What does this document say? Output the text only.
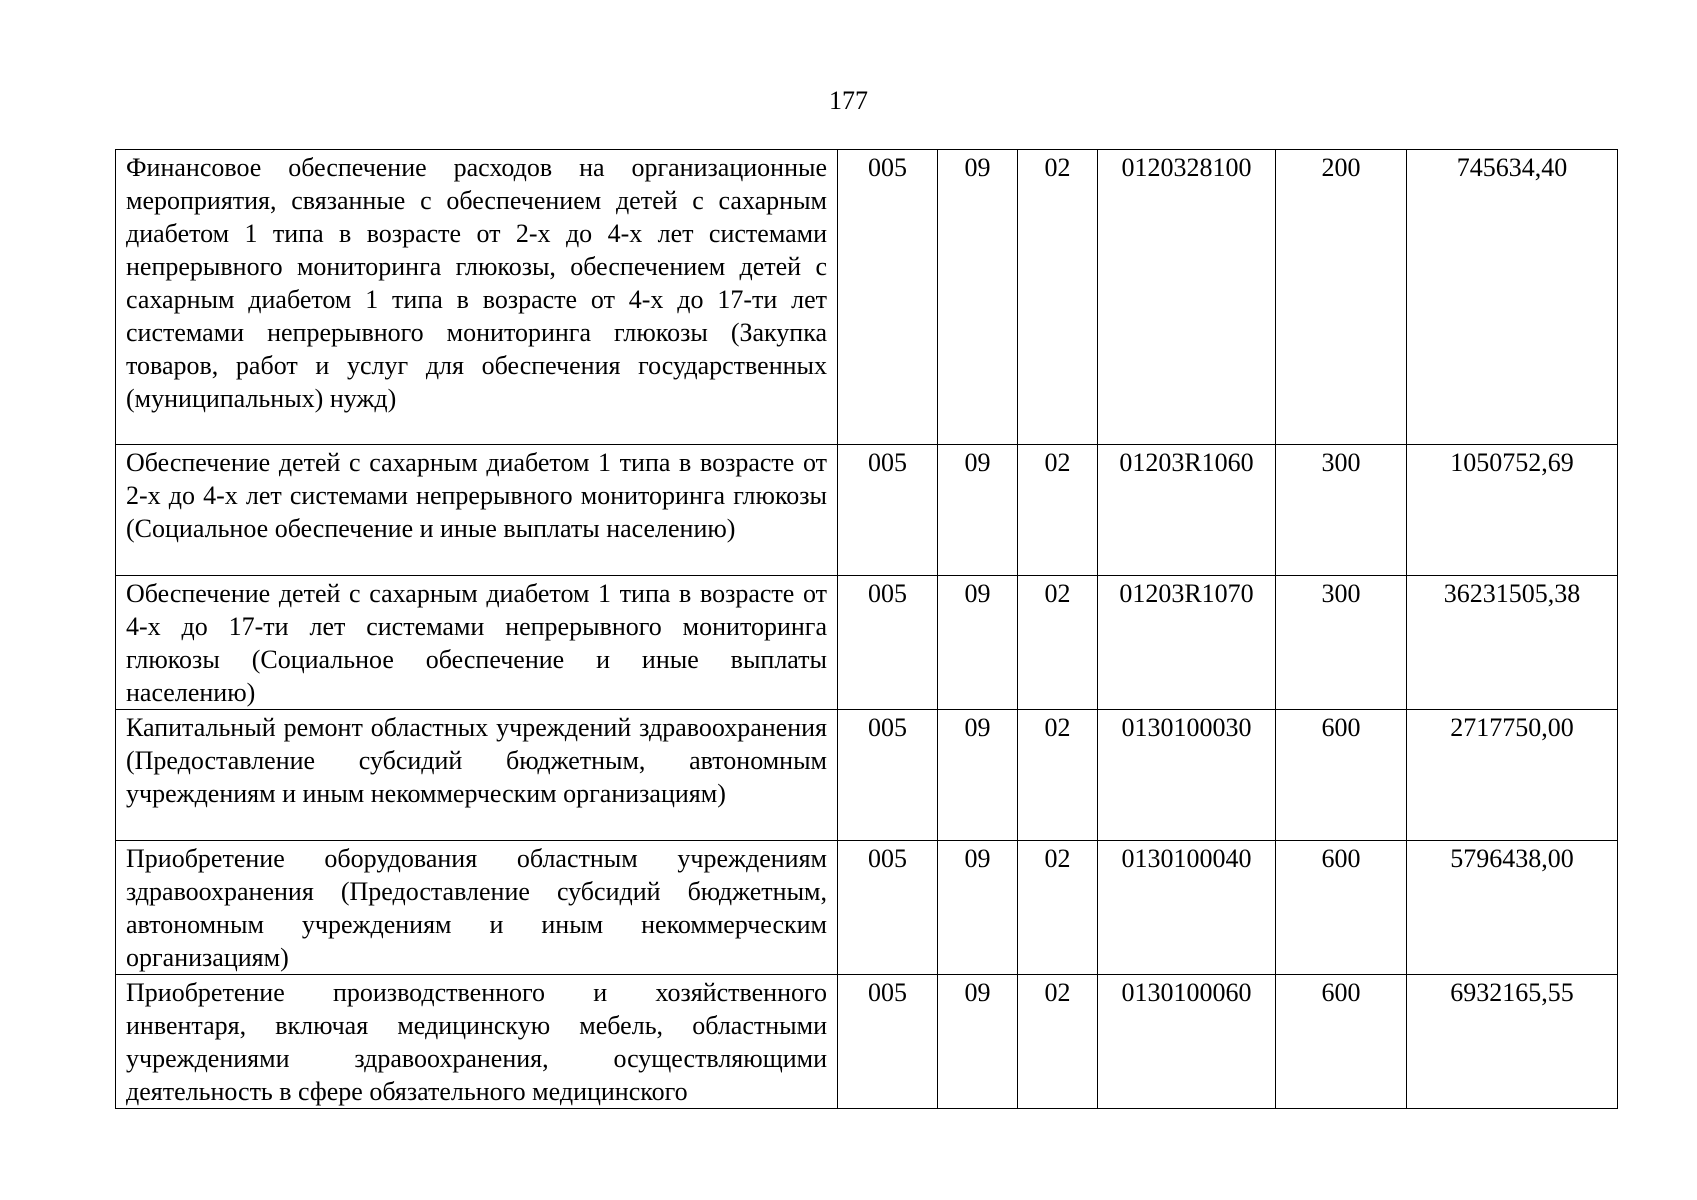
177
Финансовое обеспечение расходов на организационные мероприятия, связанные с обеспечением детей с сахарным диабетом 1 типа в возрасте от 2-х до 4-х лет системами непрерывного мониторинга глюкозы, обеспечением детей с сахарным диабетом 1 типа в возрасте от 4-х до 17-ти лет системами непрерывного мониторинга глюкозы (Закупка товаров, работ и услуг для обеспечения государственных (муниципальных) нужд)	005	09	02	0120328100	200	745634,40
Обеспечение детей с сахарным диабетом 1 типа в возрасте от 2-х до 4-х лет системами непрерывного мониторинга глюкозы (Социальное обеспечение и иные выплаты населению)	005	09	02	01203R1060	300	1050752,69
Обеспечение детей с сахарным диабетом 1 типа в возрасте от 4-х до 17-ти лет системами непрерывного мониторинга глюкозы (Социальное обеспечение и иные выплаты населению)	005	09	02	01203R1070	300	36231505,38
Капитальный ремонт областных учреждений здравоохранения (Предоставление субсидий бюджетным, автономным учреждениям и иным некоммерческим организациям)	005	09	02	0130100030	600	2717750,00
Приобретение оборудования областным учреждениям здравоохранения (Предоставление субсидий бюджетным, автономным учреждениям и иным некоммерческим организациям)	005	09	02	0130100040	600	5796438,00
Приобретение производственного и хозяйственного инвентаря, включая медицинскую мебель, областными учреждениями здравоохранения, осуществляющими деятельность в сфере обязательного медицинского	005	09	02	0130100060	600	6932165,55
